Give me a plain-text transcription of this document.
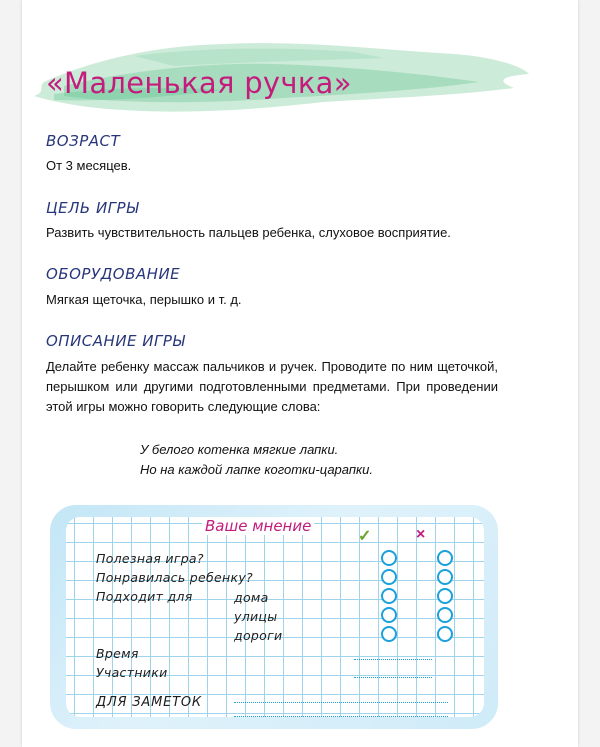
«Маленькая ручка»
ВОЗРАСТ

От 3 месяцев.

ЦЕЛЬ ИГРЫ

Развить чувствительность пальцев ребенка, слуховое восприятие.

ОБОРУДОВАНИЕ

Мягкая щеточка, перышко и т. д.

ОПИСАНИЕ ИГРЫ

Делайте ребенку массаж пальчиков и ручек. Проводите по ним щеточкой, перышком или другими подготовленными предметами. При проведении этой игры можно говорить следующие слова:

У белого котенка мягкие лапки.
Но на каждой лапке коготки-царапки.

Ваше мнение
✓	×
Полезная игра?
Понравилась ребенку?
Подходит для	дома
улицы
дороги
Время
Участники
ДЛЯ ЗАМЕТОК
